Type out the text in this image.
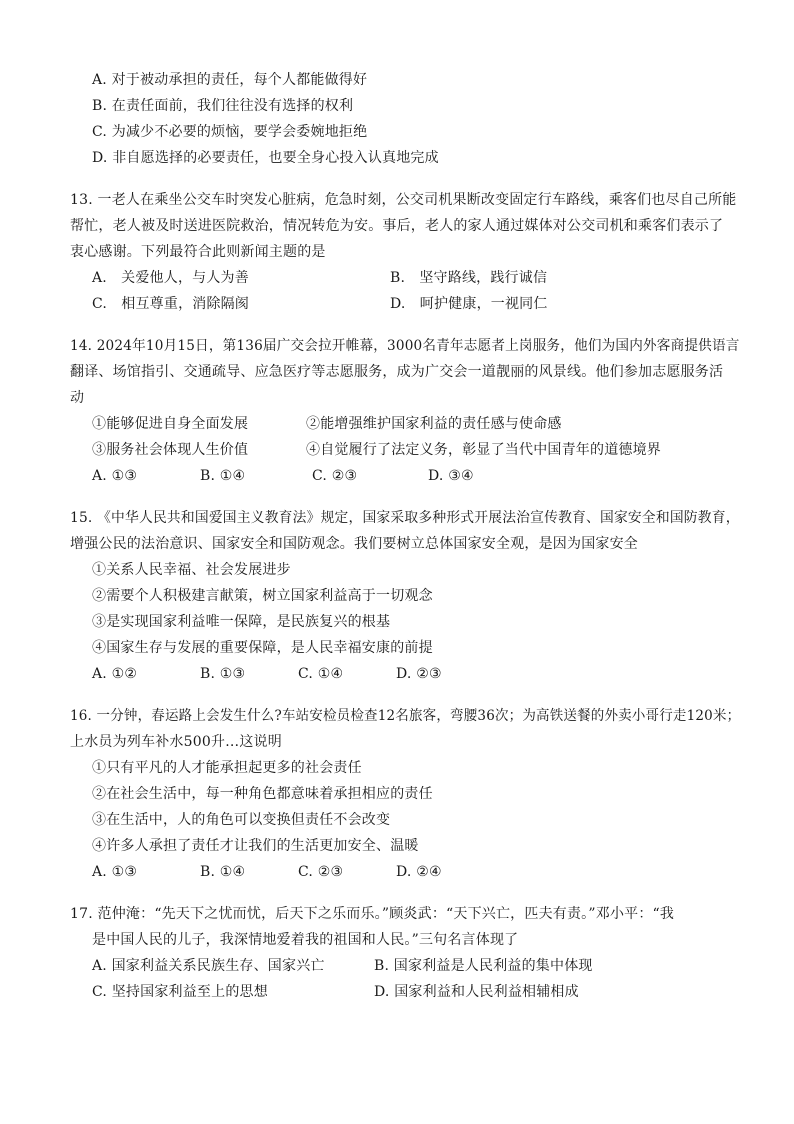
A. 对于被动承担的责任，每个人都能做得好
B. 在责任面前，我们往往没有选择的权利
C. 为减少不必要的烦恼，要学会委婉地拒绝
D. 非自愿选择的必要责任，也要全身心投入认真地完成
13. 一老人在乘坐公交车时突发心脏病，危急时刻，公交司机果断改变固定行车路线，乘客们也尽自己所能
帮忙，老人被及时送进医院救治，情况转危为安。事后，老人的家人通过媒体对公交司机和乘客们表示了
衷心感谢。下列最符合此则新闻主题的是
A.　关爱他人，与人为善	B.　坚守路线，践行诚信
C.　相互尊重，消除隔阂	D.　呵护健康，一视同仁
14. 2024年10月15日，第136届广交会拉开帷幕，3000名青年志愿者上岗服务，他们为国内外客商提供语言
翻译、场馆指引、交通疏导、应急医疗等志愿服务，成为广交会一道靓丽的风景线。他们参加志愿服务活
动
①能够促进自身全面发展	②能增强维护国家利益的责任感与使命感
③服务社会体现人生价值	④自觉履行了法定义务，彰显了当代中国青年的道德境界
A. ①③	B. ①④	C. ②③	D. ③④
15. 《中华人民共和国爱国主义教育法》规定，国家采取多种形式开展法治宣传教育、国家安全和国防教育，
增强公民的法治意识、国家安全和国防观念。我们要树立总体国家安全观，是因为国家安全
①关系人民幸福、社会发展进步
②需要个人积极建言献策，树立国家利益高于一切观念
③是实现国家利益唯一保障，是民族复兴的根基
④国家生存与发展的重要保障，是人民幸福安康的前提
A. ①②	B. ①③	C. ①④	D. ②③
16. 一分钟，春运路上会发生什么?车站安检员检查12名旅客，弯腰36次；为高铁送餐的外卖小哥行走120米；
上水员为列车补水500升…这说明
①只有平凡的人才能承担起更多的社会责任
②在社会生活中，每一种角色都意味着承担相应的责任
③在生活中，人的角色可以变换但责任不会改变
④许多人承担了责任才让我们的生活更加安全、温暖
A. ①③	B. ①④	C. ②③	D. ②④
17. 范仲淹：“先天下之忧而忧，后天下之乐而乐。”顾炎武：“天下兴亡，匹夫有责。”邓小平：“我
是中国人民的儿子，我深情地爱着我的祖国和人民。”三句名言体现了
A. 国家利益关系民族生存、国家兴亡	B. 国家利益是人民利益的集中体现
C. 坚持国家利益至上的思想	D. 国家利益和人民利益相辅相成
